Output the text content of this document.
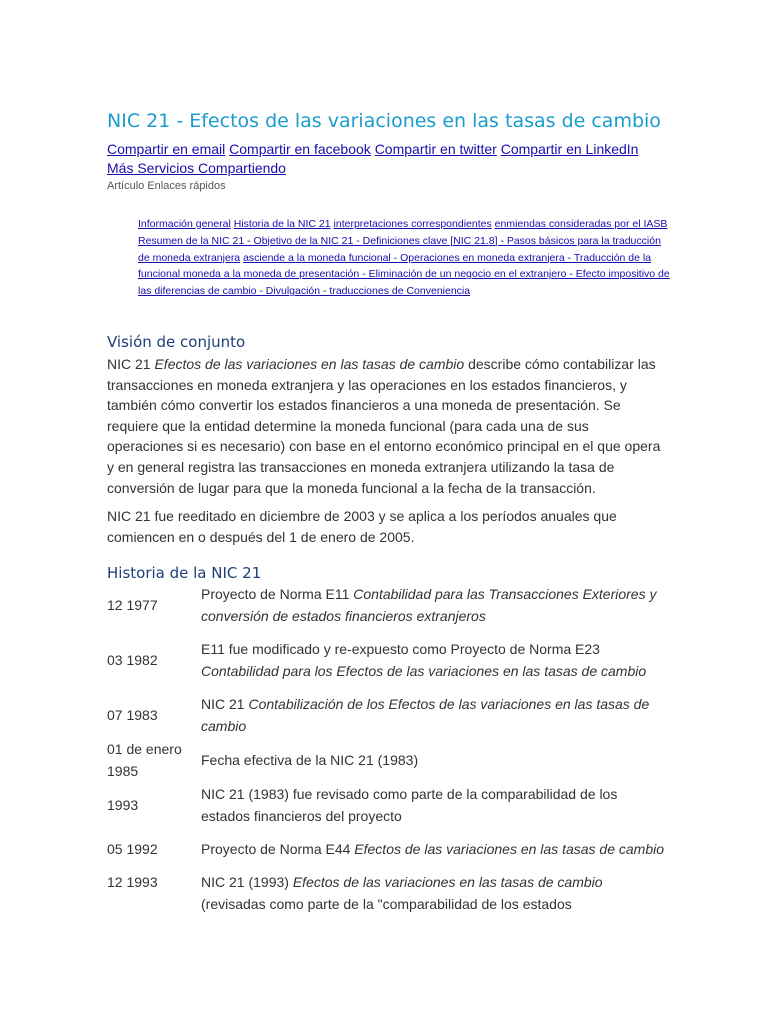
NIC 21 - Efectos de las variaciones en las tasas de cambio
Compartir en email Compartir en facebook Compartir en twitter Compartir en LinkedIn Más Servicios Compartiendo
Artículo Enlaces rápidos
Información general Historia de la NIC 21 interpretaciones correspondientes enmiendas consideradas por el IASB Resumen de la NIC 21 - Objetivo de la NIC 21 - Definiciones clave [NIC 21.8] - Pasos básicos para la traducción de moneda extranjera asciende a la moneda funcional - Operaciones en moneda extranjera - Traducción de la funcional moneda a la moneda de presentación - Eliminación de un negocio en el extranjero - Efecto impositivo de las diferencias de cambio - Divulgación - traducciones de Conveniencia
Visión de conjunto

NIC 21 Efectos de las variaciones en las tasas de cambio describe cómo contabilizar las transacciones en moneda extranjera y las operaciones en los estados financieros, y también cómo convertir los estados financieros a una moneda de presentación. Se requiere que la entidad determine la moneda funcional (para cada una de sus operaciones si es necesario) con base en el entorno económico principal en el que opera y en general registra las transacciones en moneda extranjera utilizando la tasa de conversión de lugar para que la moneda funcional a la fecha de la transacción.

NIC 21 fue reeditado en diciembre de 2003 y se aplica a los períodos anuales que comiencen en o después del 1 de enero de 2005.

Historia de la NIC 21
12 1977
Proyecto de Norma E11 Contabilidad para las Transacciones Exteriores y conversión de estados financieros extranjeros
03 1982
E11 fue modificado y re-expuesto como Proyecto de Norma E23 Contabilidad para los Efectos de las variaciones en las tasas de cambio
07 1983
NIC 21 Contabilización de los Efectos de las variaciones en las tasas de cambio
01 de enero 1985
Fecha efectiva de la NIC 21 (1983)
1993
NIC 21 (1983) fue revisado como parte de la comparabilidad de los estados financieros del proyecto
05 1992	Proyecto de Norma E44 Efectos de las variaciones en las tasas de cambio
12 1993	NIC 21 (1993) Efectos de las variaciones en las tasas de cambio (revisadas como parte de la "comparabilidad de los estados
